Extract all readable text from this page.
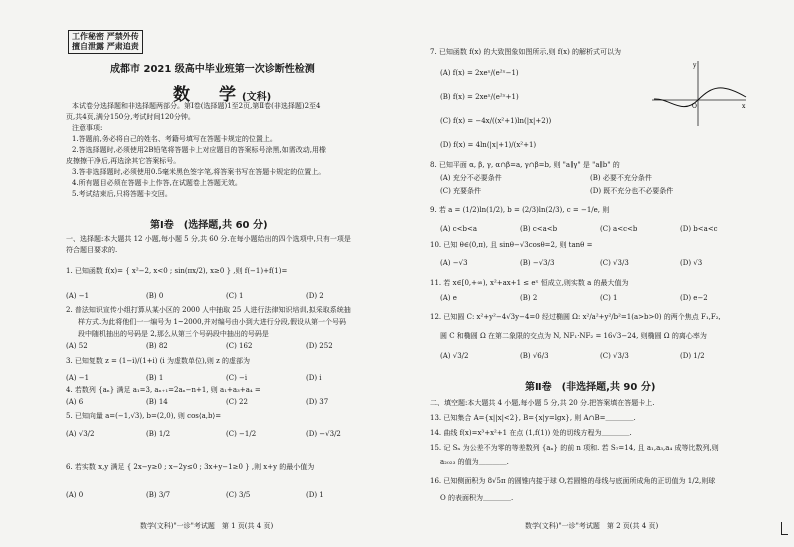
工作秘密 严禁外传
擅自泄露 严肃追责
成都市 2021 级高中毕业班第一次诊断性检测
数　学(文科)
本试卷分选择题和非选择题两部分。第Ⅰ卷(选择题)1至2页,第Ⅱ卷(非选择题)2至4
页,共4页,满分150分,考试时间120分钟。
注意事项:
1.答题前,务必将自己的姓名、考籍号填写在答题卡规定的位置上。
2.答选择题时,必须使用2B铅笔将答题卡上对应题目的答案标号涂黑,如需改动,用橡
皮擦擦干净后,再选涂其它答案标号。
3.答非选择题时,必须使用0.5毫米黑色签字笔,将答案书写在答题卡规定的位置上。
4.所有题目必须在答题卡上作答,在试题卷上答题无效。
5.考试结束后,只将答题卡交回。
第Ⅰ卷　(选择题,共 60 分)
一、选择题:本大题共 12 小题,每小题 5 分,共 60 分.在每小题给出的四个选项中,只有一项是
符合题目要求的.
1. 已知函数 f(x)= { x²−2, x<0 ; sin(πx/2), x≥0 } ,则 f(−1)+f(1)=
(A) −1	(B) 0	(C) 1	(D) 2
2. 普法知识宣传小组打算从某小区的 2000 人中抽取 25 人进行法律知识培训,拟采取系统抽
样方式.为此将他们一一编号为 1~2000,并对编号由小到大进行分段,假设从第一个号码
段中随机抽出的号码是 2,那么从第三个号码段中抽出的号码是
(A) 52	(B) 82	(C) 162	(D) 252
3. 已知复数 z = (1−i)/(1+i) (i 为虚数单位),则 z 的虚部为
(A) −1	(B) 1	(C) −i	(D) i
4. 若数列 {aₙ} 满足 a₁=3, aₙ₊₁=2aₙ−n+1, 则 a₁+a₃+a₄ =
(A) 6	(B) 14	(C) 22	(D) 37
5. 已知向量 a=(−1,√3), b=(2,0), 则 cos⟨a,b⟩=
(A) √3/2	(B) 1/2	(C) −1/2	(D) −√3/2
6. 若实数 x,y 满足 { 2x−y≥0 ; x−2y≤0 ; 3x+y−1≥0 } ,则 x+y 的最小值为
(A) 0	(B) 3/7	(C) 3/5	(D) 1
数学(文科)"一诊"考试题　第 1 页(共 4 页)
7. 已知函数 f(x) 的大致图象如图所示,则 f(x) 的解析式可以为
(A) f(x) = 2xeˣ/(e²ˣ−1)
(B) f(x) = 2xeˣ/(e²ˣ+1)
(C) f(x) = −4x/((x²+1)ln(|x|+2))
(D) f(x) = 4ln(|x|+1)/(x²+1)
y
x
O
8. 已知平面 α, β, γ, α∩β=a, γ∩β=b, 则 "a∥γ" 是 "a∥b" 的
(A) 充分不必要条件	(B) 必要不充分条件
(C) 充要条件	(D) 既不充分也不必要条件
9. 若 a = (1/2)ln(1/2), b = (2/3)ln(2/3), c = −1/e, 则
(A) c<b<a	(B) c<a<b	(C) a<c<b	(D) b<a<c
10. 已知 θ∈(0,π), 且 sinθ−√3cosθ=2, 则 tanθ =
(A) −√3	(B) −√3/3	(C) √3/3	(D) √3
11. 若 x∈[0,+∞), x²+ax+1 ≤ eˣ 恒成立,则实数 a 的最大值为
(A) e	(B) 2	(C) 1	(D) e−2
12. 已知圆 C: x²+y²−4√3y−4=0 经过椭圆 Ω: x²/a²+y²/b²=1(a>b>0) 的两个焦点 F₁,F₂,
圆 C 和椭圆 Ω 在第二象限的交点为 N, NF₁·NF₂ = 16√3−24, 则椭圆 Ω 的离心率为
(A) √3/2	(B) √6/3	(C) √3/3	(D) 1/2
第Ⅱ卷　(非选择题,共 90 分)
二、填空题:本大题共 4 小题,每小题 5 分,共 20 分.把答案填在答题卡上.
13. 已知集合 A={x||x|<2}, B={x|y=lgx}, 则 A∩B=＿＿＿＿.
14. 曲线 f(x)=x³+x²+1 在点 (1,f(1)) 处的切线方程为＿＿＿＿.
15. 记 Sₙ 为公差不为零的等差数列 {aₙ} 的前 n 项和. 若 S₇=14, 且 a₁,a₃,a₄ 成等比数列,则
a₂₀₂₃ 的值为＿＿＿＿.
16. 已知侧面积为 8√5π 的圆锥内接于球 O,若圆锥的母线与底面所成角的正切值为 1/2,则球
O 的表面积为＿＿＿＿.
数学(文科)"一诊"考试题　第 2 页(共 4 页)
